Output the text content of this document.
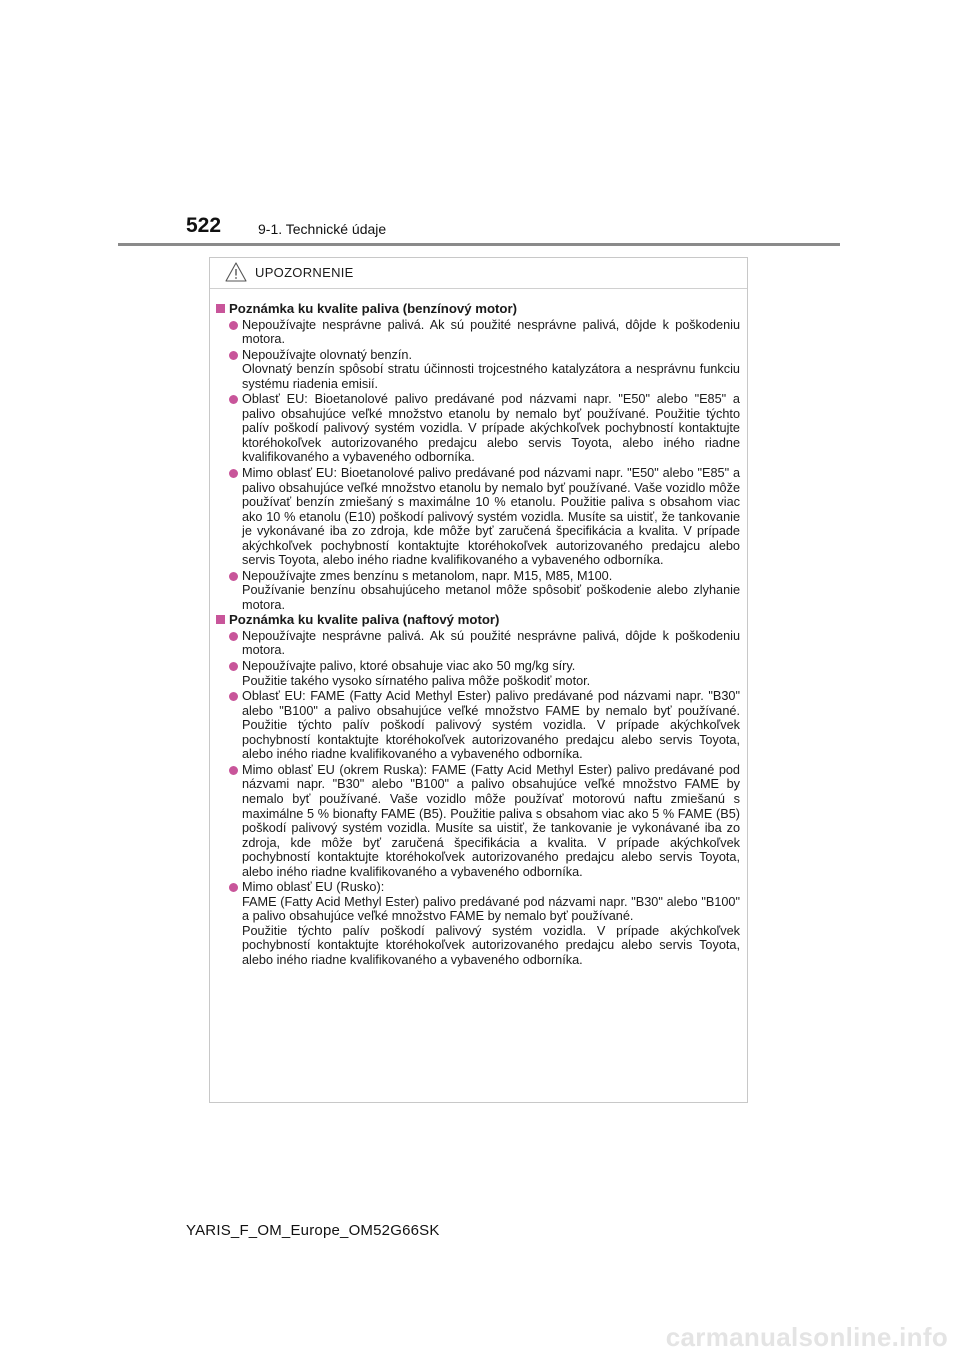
522	9-1. Technické údaje
UPOZORNENIE
Poznámka ku kvalite paliva (benzínový motor)

Nepoužívajte nesprávne palivá. Ak sú použité nesprávne palivá, dôjde k poškodeniu motora.

Nepoužívajte olovnatý benzín.

Olovnatý benzín spôsobí stratu účinnosti trojcestného katalyzátora a nesprávnu funkciu systému riadenia emisií.

Oblasť EU: Bioetanolové palivo predávané pod názvami napr. "E50" alebo "E85" a palivo obsahujúce veľké množstvo etanolu by nemalo byť používané. Použitie týchto palív poškodí palivový systém vozidla. V prípade akýchkoľvek pochybností kontaktujte ktoréhokoľvek autorizovaného predajcu alebo servis Toyota, alebo iného riadne kvalifikovaného a vybaveného odborníka.

Mimo oblasť EU: Bioetanolové palivo predávané pod názvami napr. "E50" alebo "E85" a palivo obsahujúce veľké množstvo etanolu by nemalo byť používané. Vaše vozidlo môže používať benzín zmiešaný s maximálne 10 % etanolu. Použitie paliva s obsahom viac ako 10 % etanolu (E10) poškodí palivový systém vozidla. Musíte sa uistiť, že tankovanie je vykonávané iba zo zdroja, kde môže byť zaručená špecifikácia a kvalita. V prípade akýchkoľvek pochybností kontaktujte ktoréhokoľvek autorizovaného predajcu alebo servis Toyota, alebo iného riadne kvalifikovaného a vybaveného odborníka.

Nepoužívajte zmes benzínu s metanolom, napr. M15, M85, M100.

Používanie benzínu obsahujúceho metanol môže spôsobiť poškodenie alebo zlyhanie motora.

Poznámka ku kvalite paliva (naftový motor)

Nepoužívajte nesprávne palivá. Ak sú použité nesprávne palivá, dôjde k poškodeniu motora.

Nepoužívajte palivo, ktoré obsahuje viac ako 50 mg/kg síry.

Použitie takého vysoko sírnatého paliva môže poškodiť motor.

Oblasť EU: FAME (Fatty Acid Methyl Ester) palivo predávané pod názvami napr. "B30" alebo "B100" a palivo obsahujúce veľké množstvo FAME by nemalo byť používané. Použitie týchto palív poškodí palivový systém vozidla. V prípade akýchkoľvek pochybností kontaktujte ktoréhokoľvek autorizovaného predajcu alebo servis Toyota, alebo iného riadne kvalifikovaného a vybaveného odborníka.

Mimo oblasť EU (okrem Ruska): FAME (Fatty Acid Methyl Ester) palivo predávané pod názvami napr. "B30" alebo "B100" a palivo obsahujúce veľké množstvo FAME by nemalo byť používané. Vaše vozidlo môže používať motorovú naftu zmiešanú s maximálne 5 % bionafty FAME (B5). Použitie paliva s obsahom viac ako 5 % FAME (B5) poškodí palivový systém vozidla. Musíte sa uistiť, že tankovanie je vykonávané iba zo zdroja, kde môže byť zaručená špecifikácia a kvalita. V prípade akýchkoľvek pochybností kontaktujte ktoréhokoľvek autorizovaného predajcu alebo servis Toyota, alebo iného riadne kvalifikovaného a vybaveného odborníka.

Mimo oblasť EU (Rusko):

FAME (Fatty Acid Methyl Ester) palivo predávané pod názvami napr. "B30" alebo "B100" a palivo obsahujúce veľké množstvo FAME by nemalo byť používané.

Použitie týchto palív poškodí palivový systém vozidla. V prípade akýchkoľvek pochybností kontaktujte ktoréhokoľvek autorizovaného predajcu alebo servis Toyota, alebo iného riadne kvalifikovaného a vybaveného odborníka.

YARIS_F_OM_Europe_OM52G66SK
carmanualsonline.info
